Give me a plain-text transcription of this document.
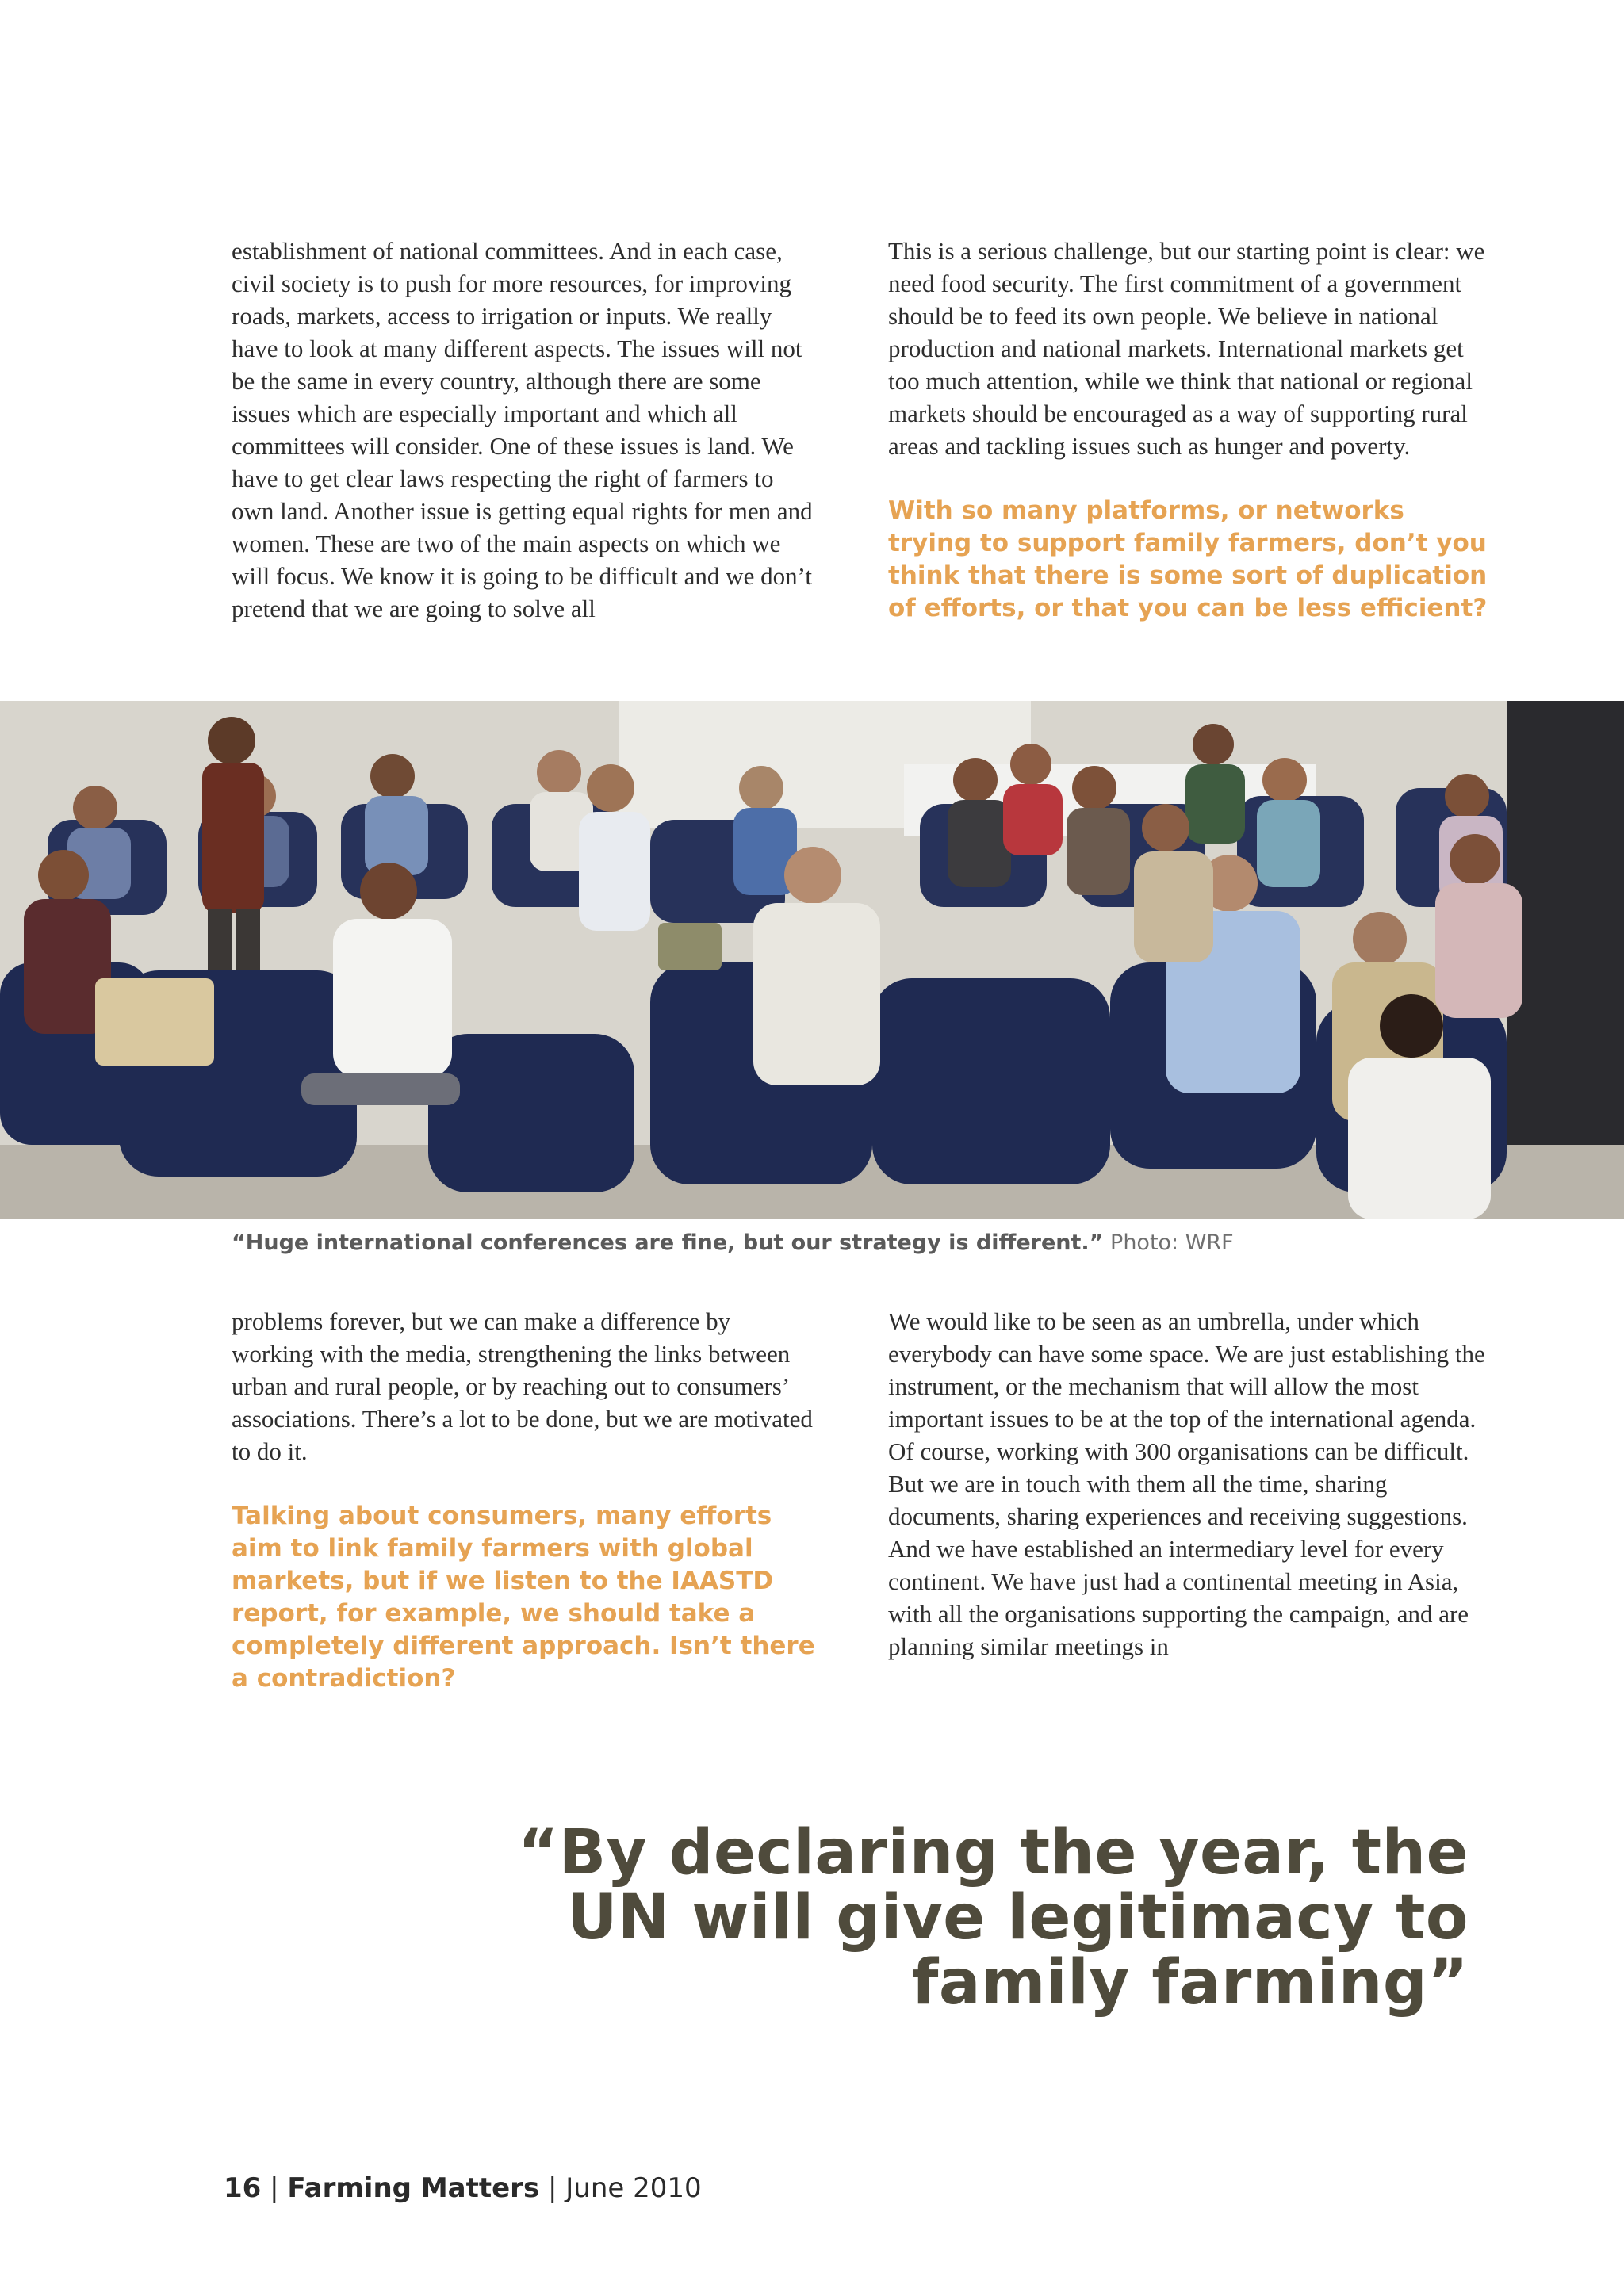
establishment of national committees. And in each case, civil society is to push for more resources, for improving roads, markets, access to irrigation or inputs. We really have to look at many different aspects. The issues will not be the same in every country, although there are some issues which are especially important and which all committees will consider. One of these issues is land. We have to get clear laws respecting the right of farmers to own land. Another issue is getting equal rights for men and women. These are two of the main aspects on which we will focus. We know it is going to be difficult and we don’t pretend that we are going to solve all

This is a serious challenge, but our starting point is clear: we need food security. The first commitment of a government should be to feed its own people. We believe in national production and national markets. International markets get too much attention, while we think that national or regional markets should be encouraged as a way of supporting rural areas and tackling issues such as hunger and poverty.

With so many platforms, or networks trying to support family farmers, don’t you think that there is some sort of duplication of efforts, or that you can be less efficient?

“Huge international conferences are fine, but our strategy is different.” Photo: WRF

problems forever, but we can make a difference by working with the media, strengthening the links between urban and rural people, or by reaching out to consumers’ associations. There’s a lot to be done, but we are motivated to do it.

Talking about consumers, many efforts aim to link family farmers with global markets, but if we listen to the IAASTD report, for example, we should take a completely different approach. Isn’t there a contradiction?

We would like to be seen as an umbrella, under which everybody can have some space. We are just establishing the instrument, or the mechanism that will allow the most important issues to be at the top of the international agenda. Of course, working with 300 organisations can be difficult. But we are in touch with them all the time, sharing documents, sharing experiences and receiving suggestions. And we have established an intermediary level for every continent. We have just had a continental meeting in Asia, with all the organisations supporting the campaign, and are planning similar meetings in

“By declaring the year, the UN will give legitimacy to family farming”
16 | Farming Matters | June 2010
